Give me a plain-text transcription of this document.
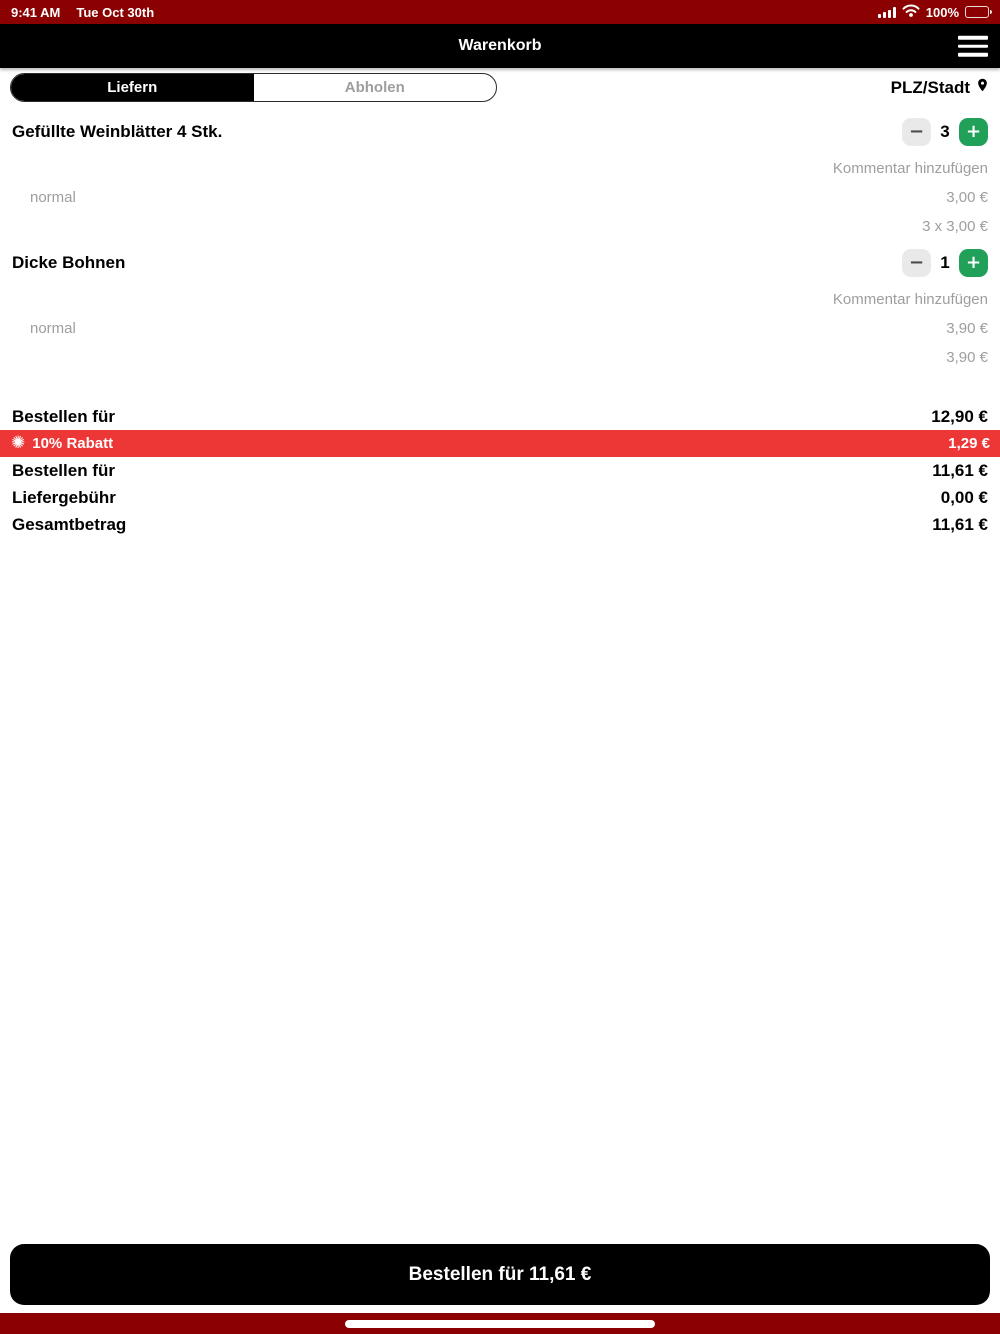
9:41 AM Tue Oct 30th	100%
Warenkorb
Liefern	Abholen	PLZ/Stadt
Gefüllte Weinblätter 4 Stk.	− 3 +
Kommentar hinzufügen
normal	3,00 €
3 x 3,00 €
Dicke Bohnen	− 1 +
Kommentar hinzufügen
normal	3,90 €
3,90 €
Bestellen für	12,90 €
✺ 10% Rabatt	1,29 €
Bestellen für	11,61 €
Liefergebühr	0,00 €
Gesamtbetrag	11,61 €
Bestellen für 11,61 €
